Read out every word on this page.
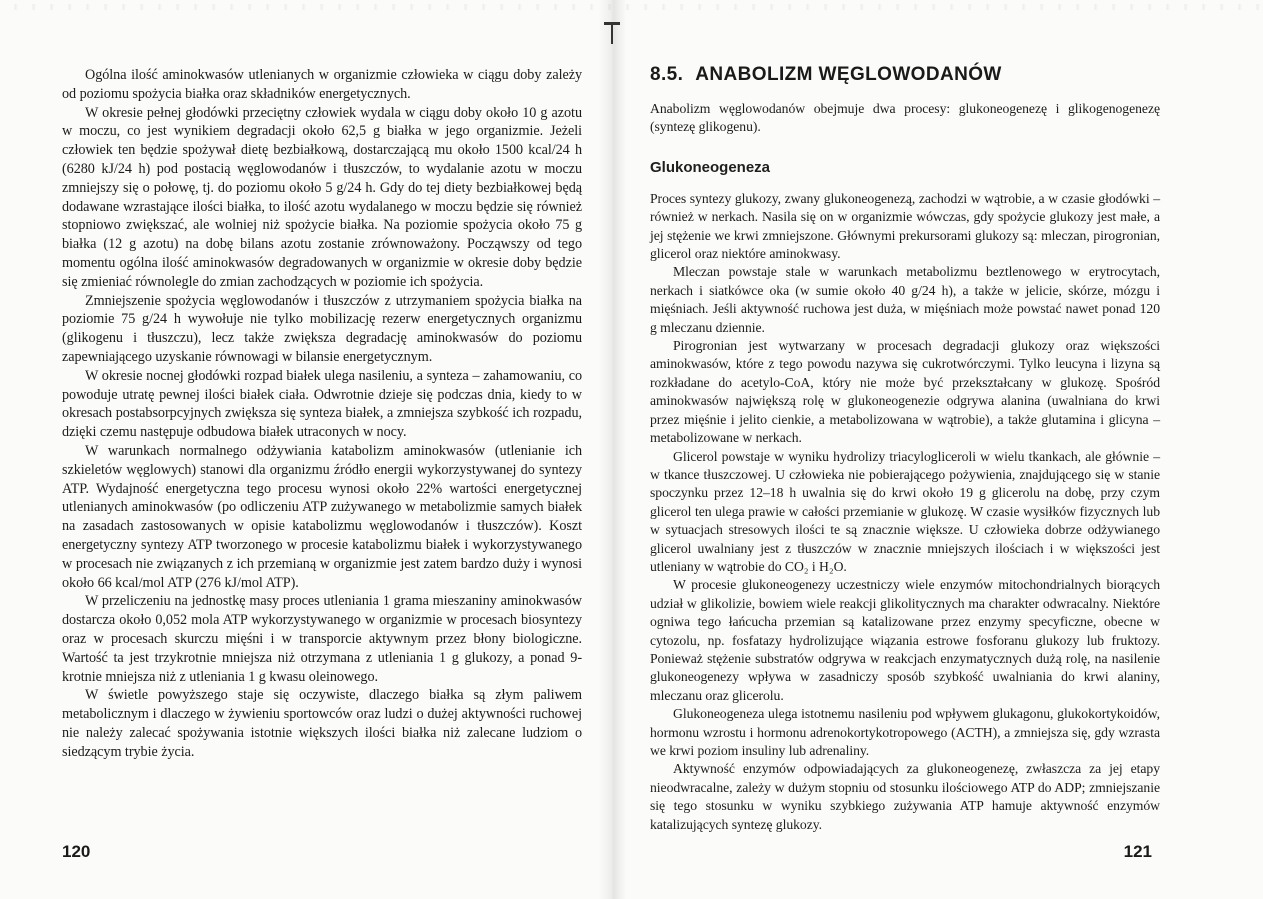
Ogólna ilość aminokwasów utlenianych w organizmie człowieka w ciągu doby zależy od poziomu spożycia białka oraz składników energetycznych.

W okresie pełnej głodówki przeciętny człowiek wydala w ciągu doby około 10 g azotu w moczu, co jest wynikiem degradacji około 62,5 g białka w jego organizmie. Jeżeli człowiek ten będzie spożywał dietę bezbiałkową, dostarczającą mu około 1500 kcal/24 h (6280 kJ/24 h) pod postacią węglowodanów i tłuszczów, to wydalanie azotu w moczu zmniejszy się o połowę, tj. do poziomu około 5 g/24 h. Gdy do tej diety bezbiałkowej będą dodawane wzrastające ilości białka, to ilość azotu wydalanego w moczu będzie się również stopniowo zwiększać, ale wolniej niż spożycie białka. Na poziomie spożycia około 75 g białka (12 g azotu) na dobę bilans azotu zostanie zrównoważony. Począwszy od tego momentu ogólna ilość aminokwasów degradowanych w organizmie w okresie doby będzie się zmieniać równolegle do zmian zachodzących w poziomie ich spożycia.

Zmniejszenie spożycia węglowodanów i tłuszczów z utrzymaniem spożycia białka na poziomie 75 g/24 h wywołuje nie tylko mobilizację rezerw energetycznych organizmu (glikogenu i tłuszczu), lecz także zwiększa degradację aminokwasów do poziomu zapewniającego uzyskanie równowagi w bilansie energetycznym.

W okresie nocnej głodówki rozpad białek ulega nasileniu, a synteza – zahamowaniu, co powoduje utratę pewnej ilości białek ciała. Odwrotnie dzieje się podczas dnia, kiedy to w okresach postabsorpcyjnych zwiększa się synteza białek, a zmniejsza szybkość ich rozpadu, dzięki czemu następuje odbudowa białek utraconych w nocy.

W warunkach normalnego odżywiania katabolizm aminokwasów (utlenianie ich szkieletów węglowych) stanowi dla organizmu źródło energii wykorzystywanej do syntezy ATP. Wydajność energetyczna tego procesu wynosi około 22% wartości energetycznej utlenianych aminokwasów (po odliczeniu ATP zużywanego w metabolizmie samych białek na zasadach zastosowanych w opisie katabolizmu węglowodanów i tłuszczów). Koszt energetyczny syntezy ATP tworzonego w procesie katabolizmu białek i wykorzystywanego w procesach nie związanych z ich przemianą w organizmie jest zatem bardzo duży i wynosi około 66 kcal/mol ATP (276 kJ/mol ATP).

W przeliczeniu na jednostkę masy proces utleniania 1 grama mieszaniny aminokwasów dostarcza około 0,052 mola ATP wykorzystywanego w organizmie w procesach biosyntezy oraz w procesach skurczu mięśni i w transporcie aktywnym przez błony biologiczne. Wartość ta jest trzykrotnie mniejsza niż otrzymana z utleniania 1 g glukozy, a ponad 9-krotnie mniejsza niż z utleniania 1 g kwasu oleinowego.

W świetle powyższego staje się oczywiste, dlaczego białka są złym paliwem metabolicznym i dlaczego w żywieniu sportowców oraz ludzi o dużej aktywności ruchowej nie należy zalecać spożywania istotnie większych ilości białka niż zalecane ludziom o siedzącym trybie życia.

120
8.5. ANABOLIZM WĘGLOWODANÓW

Anabolizm węglowodanów obejmuje dwa procesy: glukoneogenezę i glikogenogenezę (syntezę glikogenu).

Glukoneogeneza

Proces syntezy glukozy, zwany glukoneogenezą, zachodzi w wątrobie, a w czasie głodówki – również w nerkach. Nasila się on w organizmie wówczas, gdy spożycie glukozy jest małe, a jej stężenie we krwi zmniejszone. Głównymi prekursorami glukozy są: mleczan, pirogronian, glicerol oraz niektóre aminokwasy.

Mleczan powstaje stale w warunkach metabolizmu beztlenowego w erytrocytach, nerkach i siatkówce oka (w sumie około 40 g/24 h), a także w jelicie, skórze, mózgu i mięśniach. Jeśli aktywność ruchowa jest duża, w mięśniach może powstać nawet ponad 120 g mleczanu dziennie.

Pirogronian jest wytwarzany w procesach degradacji glukozy oraz większości aminokwasów, które z tego powodu nazywa się cukrotwórczymi. Tylko leucyna i lizyna są rozkładane do acetylo-CoA, który nie może być przekształcany w glukozę. Spośród aminokwasów największą rolę w glukoneogenezie odgrywa alanina (uwalniana do krwi przez mięśnie i jelito cienkie, a metabolizowana w wątrobie), a także glutamina i glicyna – metabolizowane w nerkach.

Glicerol powstaje w wyniku hydrolizy triacylogliceroli w wielu tkankach, ale głównie – w tkance tłuszczowej. U człowieka nie pobierającego pożywienia, znajdującego się w stanie spoczynku przez 12–18 h uwalnia się do krwi około 19 g glicerolu na dobę, przy czym glicerol ten ulega prawie w całości przemianie w glukozę. W czasie wysiłków fizycznych lub w sytuacjach stresowych ilości te są znacznie większe. U człowieka dobrze odżywianego glicerol uwalniany jest z tłuszczów w znacznie mniejszych ilościach i w większości jest utleniany w wątrobie do CO₂ i H₂O.

W procesie glukoneogenezy uczestniczy wiele enzymów mitochondrialnych biorących udział w glikolizie, bowiem wiele reakcji glikolitycznych ma charakter odwracalny. Niektóre ogniwa tego łańcucha przemian są katalizowane przez enzymy specyficzne, obecne w cytozolu, np. fosfatazy hydrolizujące wiązania estrowe fosforanu glukozy lub fruktozy. Ponieważ stężenie substratów odgrywa w reakcjach enzymatycznych dużą rolę, na nasilenie glukoneogenezy wpływa w zasadniczy sposób szybkość uwalniania do krwi alaniny, mleczanu oraz glicerolu.

Glukoneogeneza ulega istotnemu nasileniu pod wpływem glukagonu, glukokortykoidów, hormonu wzrostu i hormonu adrenokortykotropowego (ACTH), a zmniejsza się, gdy wzrasta we krwi poziom insuliny lub adrenaliny.

Aktywność enzymów odpowiadających za glukoneogenezę, zwłaszcza za jej etapy nieodwracalne, zależy w dużym stopniu od stosunku ilościowego ATP do ADP; zmniejszanie się tego stosunku w wyniku szybkiego zużywania ATP hamuje aktywność enzymów katalizujących syntezę glukozy.

121
